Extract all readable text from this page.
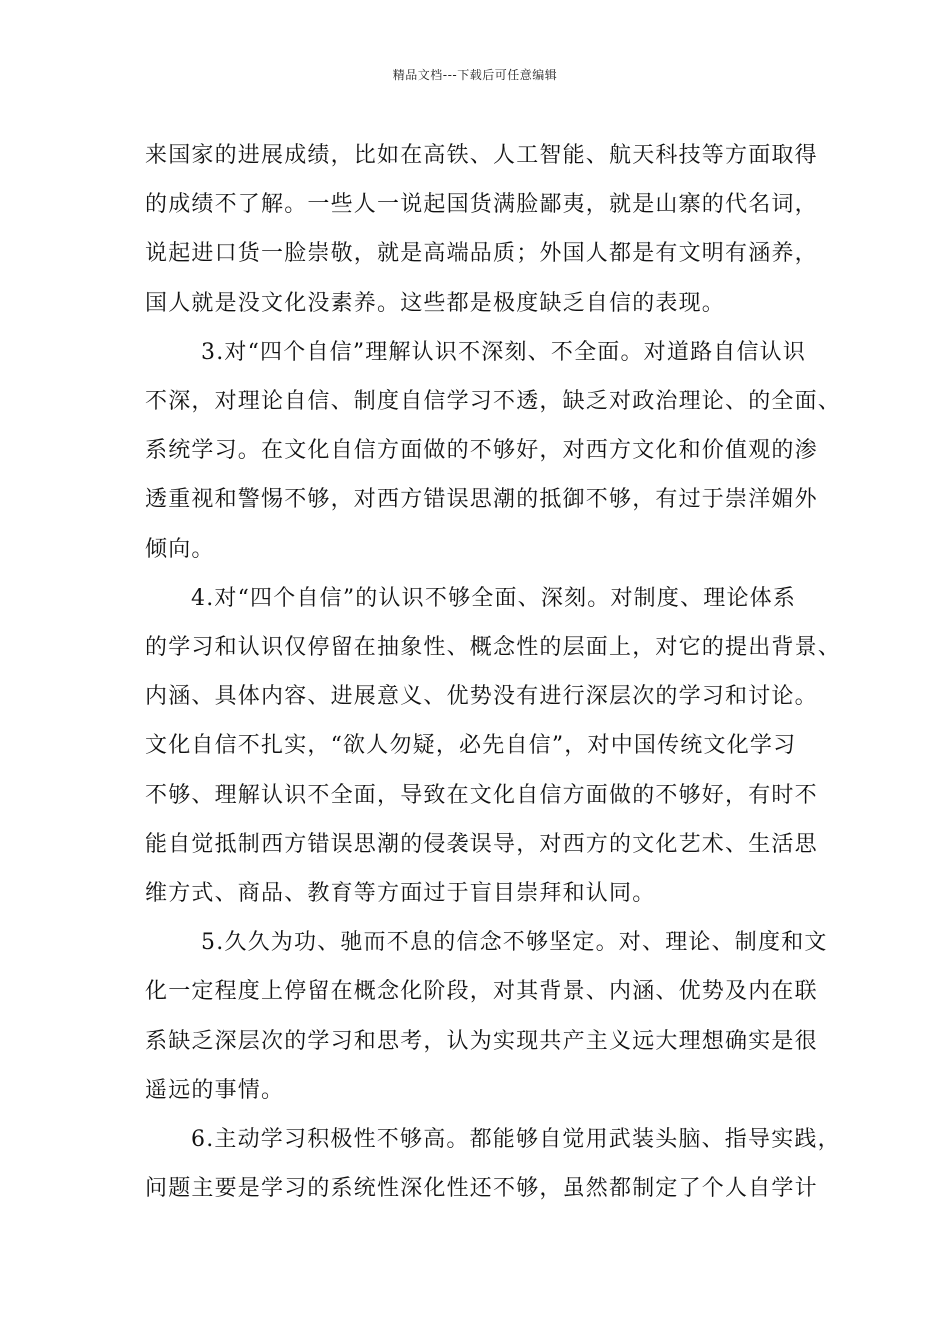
精品文档---下载后可任意编辑
来国家的进展成绩，比如在高铁、人工智能、航天科技等方面取得
的成绩不了解。一些人一说起国货满脸鄙夷，就是山寨的代名词，
说起进口货一脸崇敬，就是高端品质；外国人都是有文明有涵养，
国人就是没文化没素养。这些都是极度缺乏自信的表现。
3.对“四个自信”理解认识不深刻、不全面。对道路自信认识
不深，对理论自信、制度自信学习不透，缺乏对政治理论、的全面、
系统学习。在文化自信方面做的不够好，对西方文化和价值观的渗
透重视和警惕不够，对西方错误思潮的抵御不够，有过于崇洋媚外
倾向。
4.对“四个自信”的认识不够全面、深刻。对制度、理论体系
的学习和认识仅停留在抽象性、概念性的层面上，对它的提出背景、
内涵、具体内容、进展意义、优势没有进行深层次的学习和讨论。
文化自信不扎实，“欲人勿疑，必先自信”，对中国传统文化学习
不够、理解认识不全面，导致在文化自信方面做的不够好，有时不
能自觉抵制西方错误思潮的侵袭误导，对西方的文化艺术、生活思
维方式、商品、教育等方面过于盲目崇拜和认同。
5.久久为功、驰而不息的信念不够坚定。对、理论、制度和文
化一定程度上停留在概念化阶段，对其背景、内涵、优势及内在联
系缺乏深层次的学习和思考，认为实现共产主义远大理想确实是很
遥远的事情。
6.主动学习积极性不够高。都能够自觉用武装头脑、指导实践，
问题主要是学习的系统性深化性还不够，虽然都制定了个人自学计
